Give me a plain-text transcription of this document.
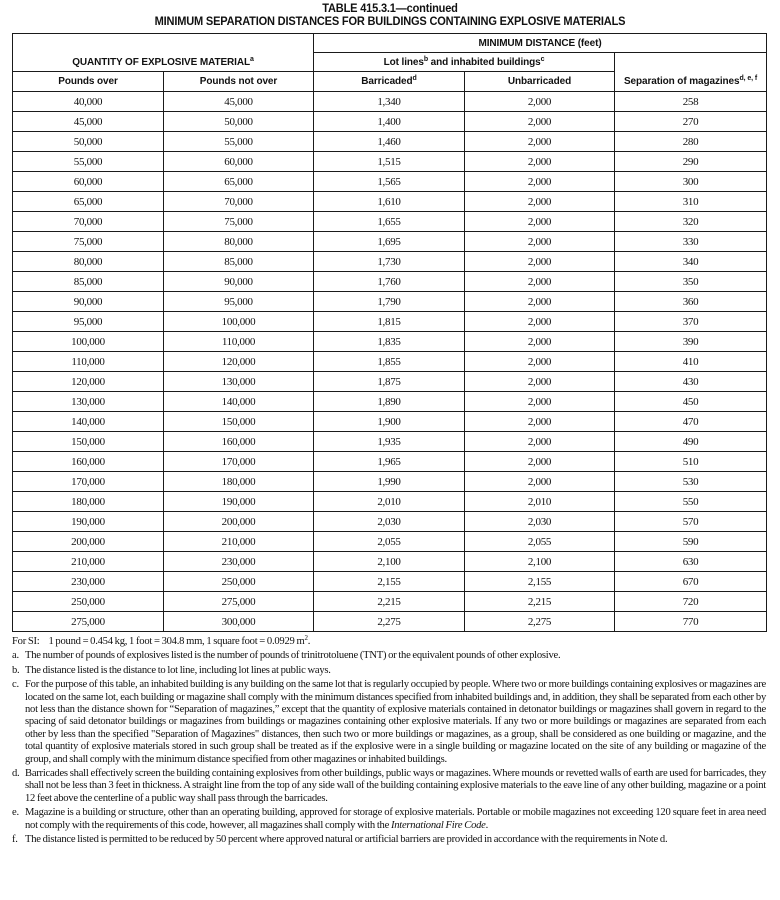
TABLE 415.3.1—continued
MINIMUM SEPARATION DISTANCES FOR BUILDINGS CONTAINING EXPLOSIVE MATERIALS
QUANTITY OF EXPLOSIVE MATERIAL$^a$		MINIMUM DISTANCE (feet)		
		Lot lines$^b$ and inhabited buildings$^c$		Separation of magazines$^{d, e, f}$
Pounds over	Pounds not over	Barricaded$^d$	Unbarricaded	
40,000	45,000	1,340	2,000	258
45,000	50,000	1,400	2,000	270
50,000	55,000	1,460	2,000	280
55,000	60,000	1,515	2,000	290
60,000	65,000	1,565	2,000	300
65,000	70,000	1,610	2,000	310
70,000	75,000	1,655	2,000	320
75,000	80,000	1,695	2,000	330
80,000	85,000	1,730	2,000	340
85,000	90,000	1,760	2,000	350
90,000	95,000	1,790	2,000	360
95,000	100,000	1,815	2,000	370
100,000	110,000	1,835	2,000	390
110,000	120,000	1,855	2,000	410
120,000	130,000	1,875	2,000	430
130,000	140,000	1,890	2,000	450
140,000	150,000	1,900	2,000	470
150,000	160,000	1,935	2,000	490
160,000	170,000	1,965	2,000	510
170,000	180,000	1,990	2,000	530
180,000	190,000	2,010	2,010	550
190,000	200,000	2,030	2,030	570
200,000	210,000	2,055	2,055	590
210,000	230,000	2,100	2,100	630
230,000	250,000	2,155	2,155	670
250,000	275,000	2,215	2,215	720
275,000	300,000	2,275	2,275	770
For SI: 1 pound = 0.454 kg, 1 foot = 304.8 mm, 1 square foot = 0.0929 $m^2$.
a. The number of pounds of explosives listed is the number of pounds of trinitrotoluene (TNT) or the equivalent pounds of other explosive.
b. The distance listed is the distance to lot line, including lot lines at public ways.
c. For the purpose of this table, an inhabited building is any building on the same lot that is regularly occupied by people. Where two or more buildings containing explosives or magazines are located on the same lot, each building or magazine shall comply with the minimum distances specified from inhabited buildings and, in addition, they shall be separated from each other by not less than the distance shown for “Separation of magazines,” except that the quantity of explosive materials contained in detonator buildings or magazines shall govern in regard to the spacing of said detonator buildings or magazines from buildings or magazines containing other explosive materials. If any two or more buildings or magazines are separated from each other by less than the specified "Separation of Magazines" distances, then such two or more buildings or magazines, as a group, shall be considered as one building or magazine, and the total quantity of explosive materials stored in such group shall be treated as if the explosive were in a single building or magazine located on the site of any building or magazine of the group, and shall comply with the minimum distance specified from other magazines or inhabited buildings.
d. Barricades shall effectively screen the building containing explosives from other buildings, public ways or magazines. Where mounds or revetted walls of earth are used for barricades, they shall not be less than 3 feet in thickness. A straight line from the top of any side wall of the building containing explosive materials to the eave line of any other building, magazine or a point 12 feet above the centerline of a public way shall pass through the barricades.
e. Magazine is a building or structure, other than an operating building, approved for storage of explosive materials. Portable or mobile magazines not exceeding 120 square feet in area need not comply with the requirements of this code, however, all magazines shall comply with the International Fire Code.
f. The distance listed is permitted to be reduced by 50 percent where approved natural or artificial barriers are provided in accordance with the requirements in Note d.
